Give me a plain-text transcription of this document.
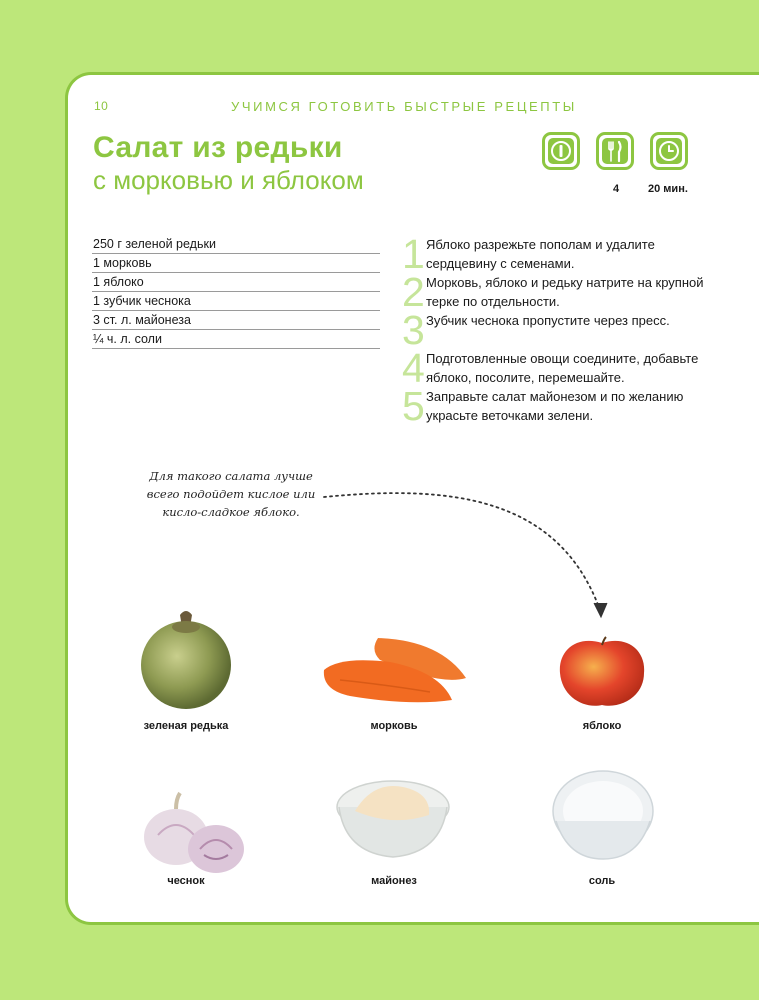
10	УЧИМСЯ ГОТОВИТЬ БЫСТРЫЕ РЕЦЕПТЫ
Салат из редьки
с морковью и яблоком	4	20 мин.
250 г зеленой редьки
1 морковь
1 яблоко
1 зубчик чеснока
3 ст. л. майонеза
¼ ч. л. соли
1 Яблоко разрежьте пополам и удалите сердцевину с семенами.
2 Морковь, яблоко и редьку натрите на крупной терке по отдельности.
3 Зубчик чеснока пропустите через пресс.
4 Подготовленные овощи соедините, добавьте яблоко, посолите, перемешайте.
5 Заправьте салат майонезом и по желанию украсьте веточками зелени.
Для такого салата лучше всего подойдет кислое или кисло-сладкое яблоко.
зеленая редька	морковь	яблоко
чеснок	майонез	соль
